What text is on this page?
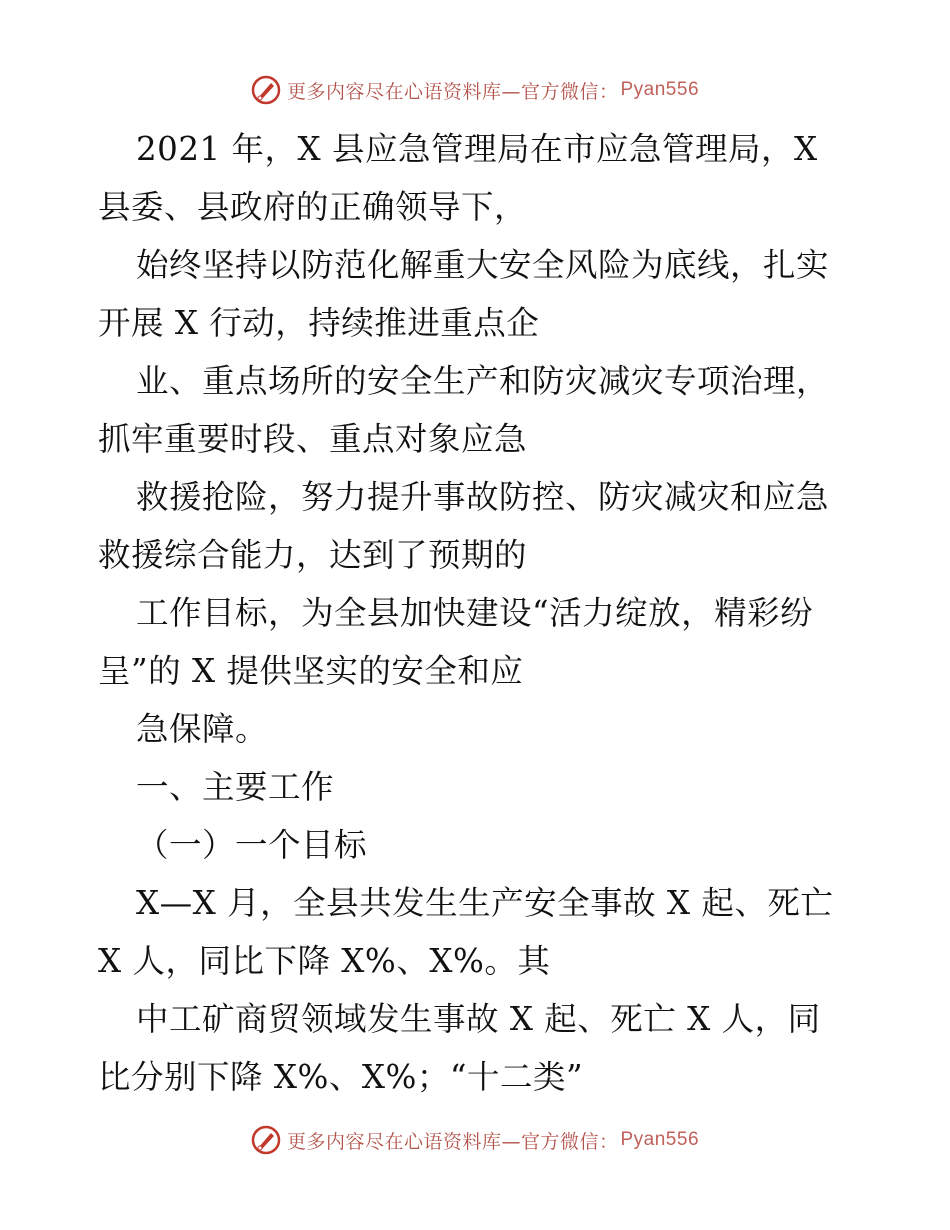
更多内容尽在心语资料库—官方微信： Pyan556
2021 年，X 县应急管理局在市应急管理局，X
县委、县政府的正确领导下，
始终坚持以防范化解重大安全风险为底线，扎实
开展 X 行动，持续推进重点企
业、重点场所的安全生产和防灾减灾专项治理，
抓牢重要时段、重点对象应急
救援抢险，努力提升事故防控、防灾减灾和应急
救援综合能力，达到了预期的
工作目标，为全县加快建设“活力绽放，精彩纷
呈”的 X 提供坚实的安全和应
急保障。
一、主要工作
（一）一个目标
X—X 月，全县共发生生产安全事故 X 起、死亡
X 人，同比下降 X%、X%。其
中工矿商贸领域发生事故 X 起、死亡 X 人，同
比分别下降 X%、X%；“十二类”
更多内容尽在心语资料库—官方微信： Pyan556
